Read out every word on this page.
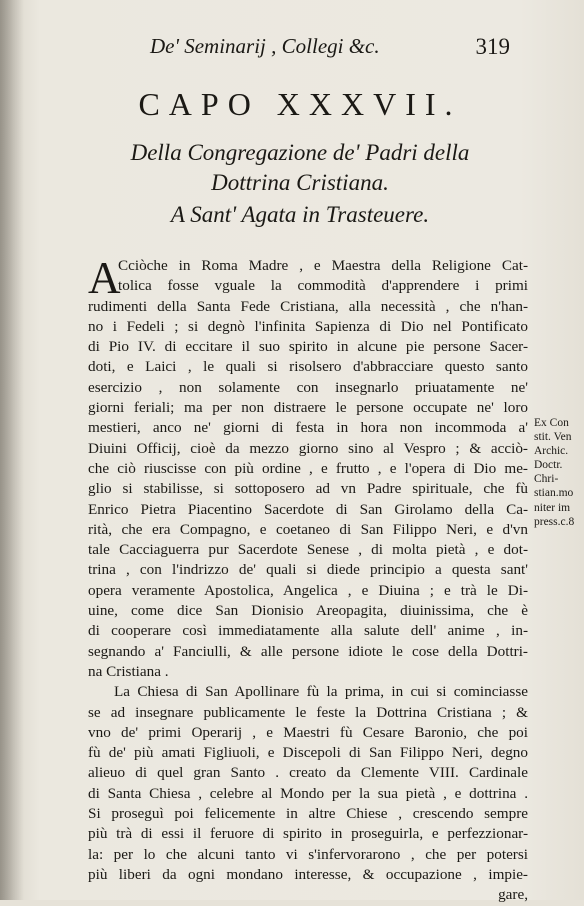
De' Seminarij , Collegi &c.	319
CAPO XXXVII.
Della Congregazione de' Padri della
Dottrina Cristiana.
A Sant' Agata in Trasteuere.
A
Cciòche in Roma Madre , e Maestra della Religione Cat-
tolica fosse vguale la commodità d'apprendere i primi
rudimenti della Santa Fede Cristiana, alla necessità , che n'han-
no i Fedeli ; si degnò l'infinita Sapienza di Dio nel Pontificato
di Pio IV. di eccitare il suo spirito in alcune pie persone Sacer-
doti, e Laici , le quali si risolsero d'abbracciare questo santo
esercizio , non solamente con insegnarlo priuatamente ne'
giorni feriali; ma per non distraere le persone occupate ne' loro
mestieri, anco ne' giorni di festa in hora non incommoda a'
Diuini Officij, cioè da mezzo giorno sino al Vespro ; & acciò-
che ciò riuscisse con più ordine , e frutto , e l'opera di Dio me-
glio si stabilisse, si sottoposero ad vn Padre spirituale, che fù
Enrico Pietra Piacentino Sacerdote di San Girolamo della Ca-
rità, che era Compagno, e coetaneo di San Filippo Neri, e d'vn
tale Cacciaguerra pur Sacerdote Senese , di molta pietà , e dot-
trina , con l'indrizzo de' quali si diede principio a questa sant'
opera veramente Apostolica, Angelica , e Diuina ; e trà le Di-
uine, come dice San Dionisio Areopagita, diuinissima, che è
di cooperare così immediatamente alla salute dell' anime , in-
segnando a' Fanciulli, & alle persone idiote le cose della Dottri-
na Cristiana .
La Chiesa di San Apollinare fù la prima, in cui si cominciasse
se ad insegnare publicamente le feste la Dottrina Cristiana ; &
vno de' primi Operarij , e Maestri fù Cesare Baronio, che poi
fù de' più amati Figliuoli, e Discepoli di San Filippo Neri, degno
alieuo di quel gran Santo . creato da Clemente VIII. Cardinale
di Santa Chiesa , celebre al Mondo per la sua pietà , e dottrina .
Si proseguì poi felicemente in altre Chiese , crescendo sempre
più trà di essi il feruore di spirito in proseguirla, e perfezzionar-
la: per lo che alcuni tanto vi s'infervorarono , che per potersi
più liberi da ogni mondano interesse, & occupazione , impie-
gare,
Ex Con
stit. Ven
Archic.
Doctr.
Chri-
stian.mo
niter im
press.c.8
